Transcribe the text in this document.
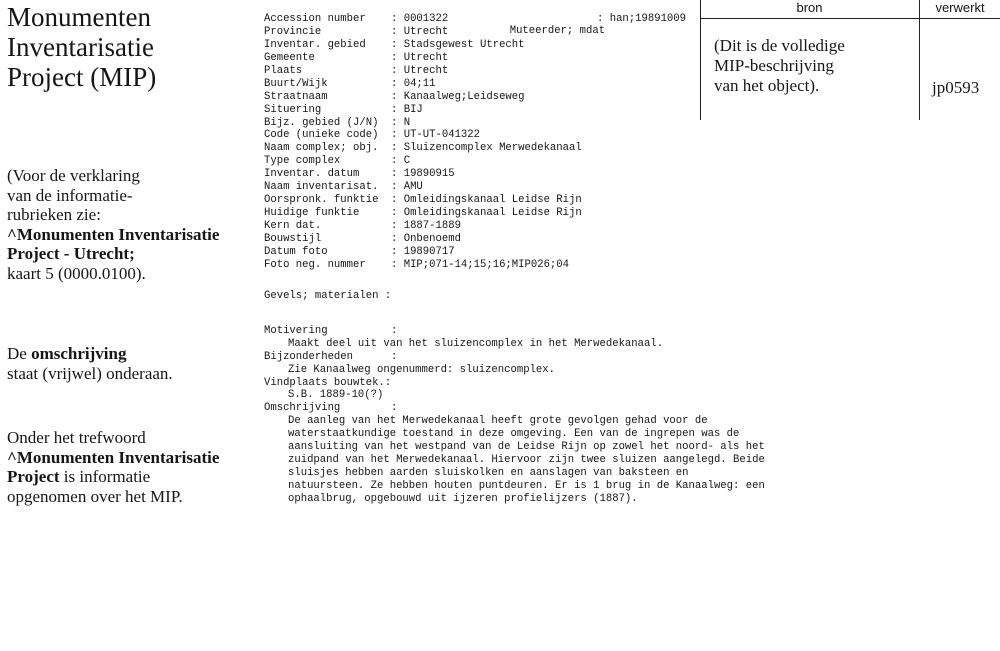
Monumenten
Inventarisatie
Project (MIP)
(Voor de verklaring
van de informatie-
rubrieken zie:
^Monumenten Inventarisatie
Project - Utrecht;
kaart 5 (0000.0100).
De omschrijving
staat (vrijwel) onderaan.
Onder het trefwoord
^Monumenten Inventarisatie
Project is informatie
opgenomen over het MIP.
bron	verwerkt
(Dit is de volledige
MIP-beschrijving
van het object).	jp0593

Muteerder; mdat

: han;19891009

Accession number : 0001322
Provincie	: Utrecht
Inventar. gebied : Stadsgewest Utrecht
Gemeente	: Utrecht
Plaats	: Utrecht
Buurt/Wijk	: 04;11
Straatnaam	: Kanaalweg;Leidseweg
Situering	: BIJ
Bijz. gebied (J/N) : N
Code (unieke code) : UT-UT-041322
Naam complex; obj. : Sluizencomplex Merwedekanaal
Type complex	: C
Inventar. datum	: 19890915
Naam inventarisat. : AMU
Oorspronk. funktie : Omleidingskanaal Leidse Rijn
Huidige funktie	: Omleidingskanaal Leidse Rijn
Kern dat.	: 1887-1889
Bouwstijl	: Onbenoemd
Datum foto	: 19890717
Foto neg. nummer : MIP;071-14;15;16;MIP026;04
Gevels; materialen :
Motivering	:
Maakt deel uit van het sluizencomplex in het Merwedekanaal.
Bijzonderheden	:
Zie Kanaalweg ongenummerd: sluizencomplex.
Vindplaats bouwtek.:
S.B. 1889-10(?)
Omschrijving	:
De aanleg van het Merwedekanaal heeft grote gevolgen gehad voor de
waterstaatkundige toestand in deze omgeving. Een van de ingrepen was de
aansluiting van het westpand van de Leidse Rijn op zowel het noord- als het
zuidpand van het Merwedekanaal. Hiervoor zijn twee sluizen aangelegd. Beide
sluisjes hebben aarden sluiskolken en aanslagen van baksteen en
natuursteen. Ze hebben houten puntdeuren. Er is 1 brug in de Kanaalweg: een
ophaalbrug, opgebouwd uit ijzeren profielijzers (1887).
